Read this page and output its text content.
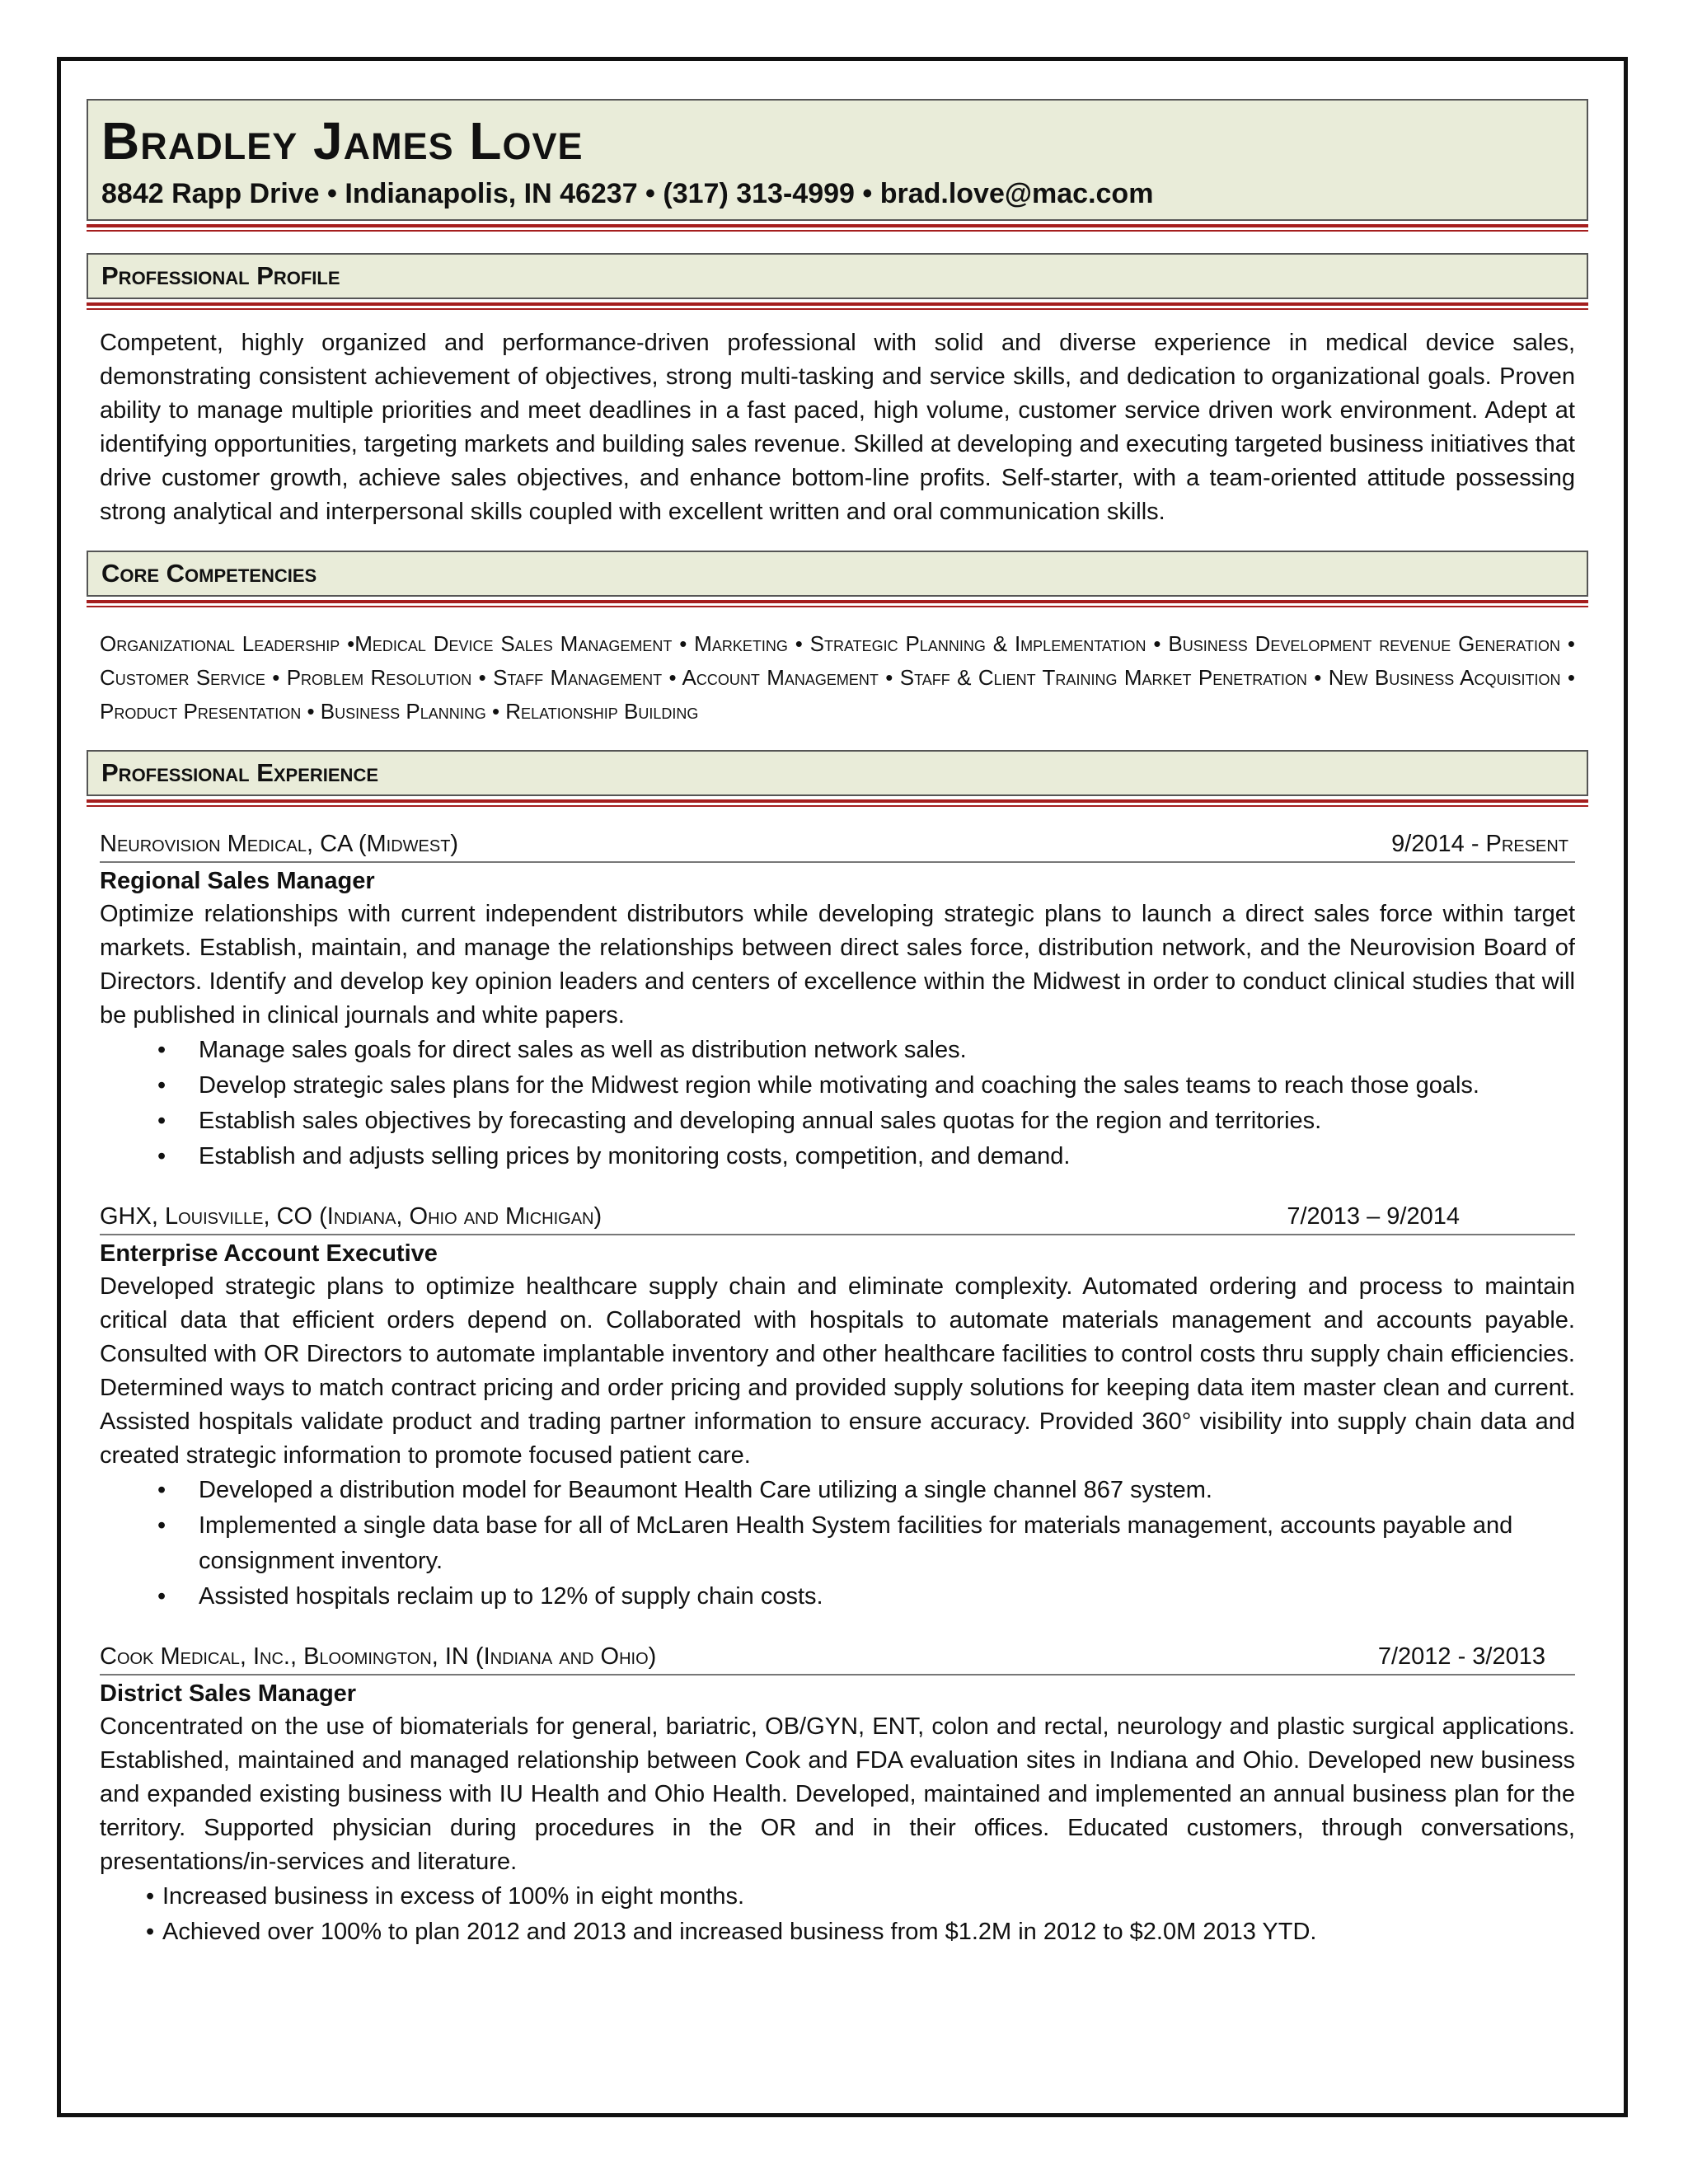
Bradley James Love
8842 Rapp Drive • Indianapolis, IN 46237 • (317) 313-4999 • brad.love@mac.com
Professional Profile

Competent, highly organized and performance-driven professional with solid and diverse experience in medical device sales, demonstrating consistent achievement of objectives, strong multi-tasking and service skills, and dedication to organizational goals. Proven ability to manage multiple priorities and meet deadlines in a fast paced, high volume, customer service driven work environment. Adept at identifying opportunities, targeting markets and building sales revenue. Skilled at developing and executing targeted business initiatives that drive customer growth, achieve sales objectives, and enhance bottom-line profits. Self-starter, with a team-oriented attitude possessing strong analytical and interpersonal skills coupled with excellent written and oral communication skills.

Core Competencies

Organizational Leadership •Medical Device Sales Management • Marketing • Strategic Planning & Implementation • Business Development revenue Generation • Customer Service • Problem Resolution • Staff Management • Account Management • Staff & Client Training Market Penetration • New Business Acquisition • Product Presentation • Business Planning • Relationship Building

Professional Experience
Neurovision Medical, CA (Midwest)	9/2014 - Present
Regional Sales Manager

Optimize relationships with current independent distributors while developing strategic plans to launch a direct sales force within target markets. Establish, maintain, and manage the relationships between direct sales force, distribution network, and the Neurovision Board of Directors. Identify and develop key opinion leaders and centers of excellence within the Midwest in order to conduct clinical studies that will be published in clinical journals and white papers.

• Manage sales goals for direct sales as well as distribution network sales.
• Develop strategic sales plans for the Midwest region while motivating and coaching the sales teams to reach those goals.
• Establish sales objectives by forecasting and developing annual sales quotas for the region and territories.
• Establish and adjusts selling prices by monitoring costs, competition, and demand.
GHX, Louisville, CO (Indiana, Ohio and Michigan)	7/2013 – 9/2014
Enterprise Account Executive

Developed strategic plans to optimize healthcare supply chain and eliminate complexity. Automated ordering and process to maintain critical data that efficient orders depend on. Collaborated with hospitals to automate materials management and accounts payable. Consulted with OR Directors to automate implantable inventory and other healthcare facilities to control costs thru supply chain efficiencies. Determined ways to match contract pricing and order pricing and provided supply solutions for keeping data item master clean and current. Assisted hospitals validate product and trading partner information to ensure accuracy. Provided 360° visibility into supply chain data and created strategic information to promote focused patient care.

• Developed a distribution model for Beaumont Health Care utilizing a single channel 867 system.
• Implemented a single data base for all of McLaren Health System facilities for materials management, accounts payable and consignment inventory.
• Assisted hospitals reclaim up to 12% of supply chain costs.
Cook Medical, Inc., Bloomington, IN (Indiana and Ohio)	7/2012 - 3/2013
District Sales Manager

Concentrated on the use of biomaterials for general, bariatric, OB/GYN, ENT, colon and rectal, neurology and plastic surgical applications. Established, maintained and managed relationship between Cook and FDA evaluation sites in Indiana and Ohio. Developed new business and expanded existing business with IU Health and Ohio Health. Developed, maintained and implemented an annual business plan for the territory. Supported physician during procedures in the OR and in their offices. Educated customers, through conversations, presentations/in-services and literature.

• Increased business in excess of 100% in eight months.
• Achieved over 100% to plan 2012 and 2013 and increased business from $1.2M in 2012 to $2.0M 2013 YTD.
